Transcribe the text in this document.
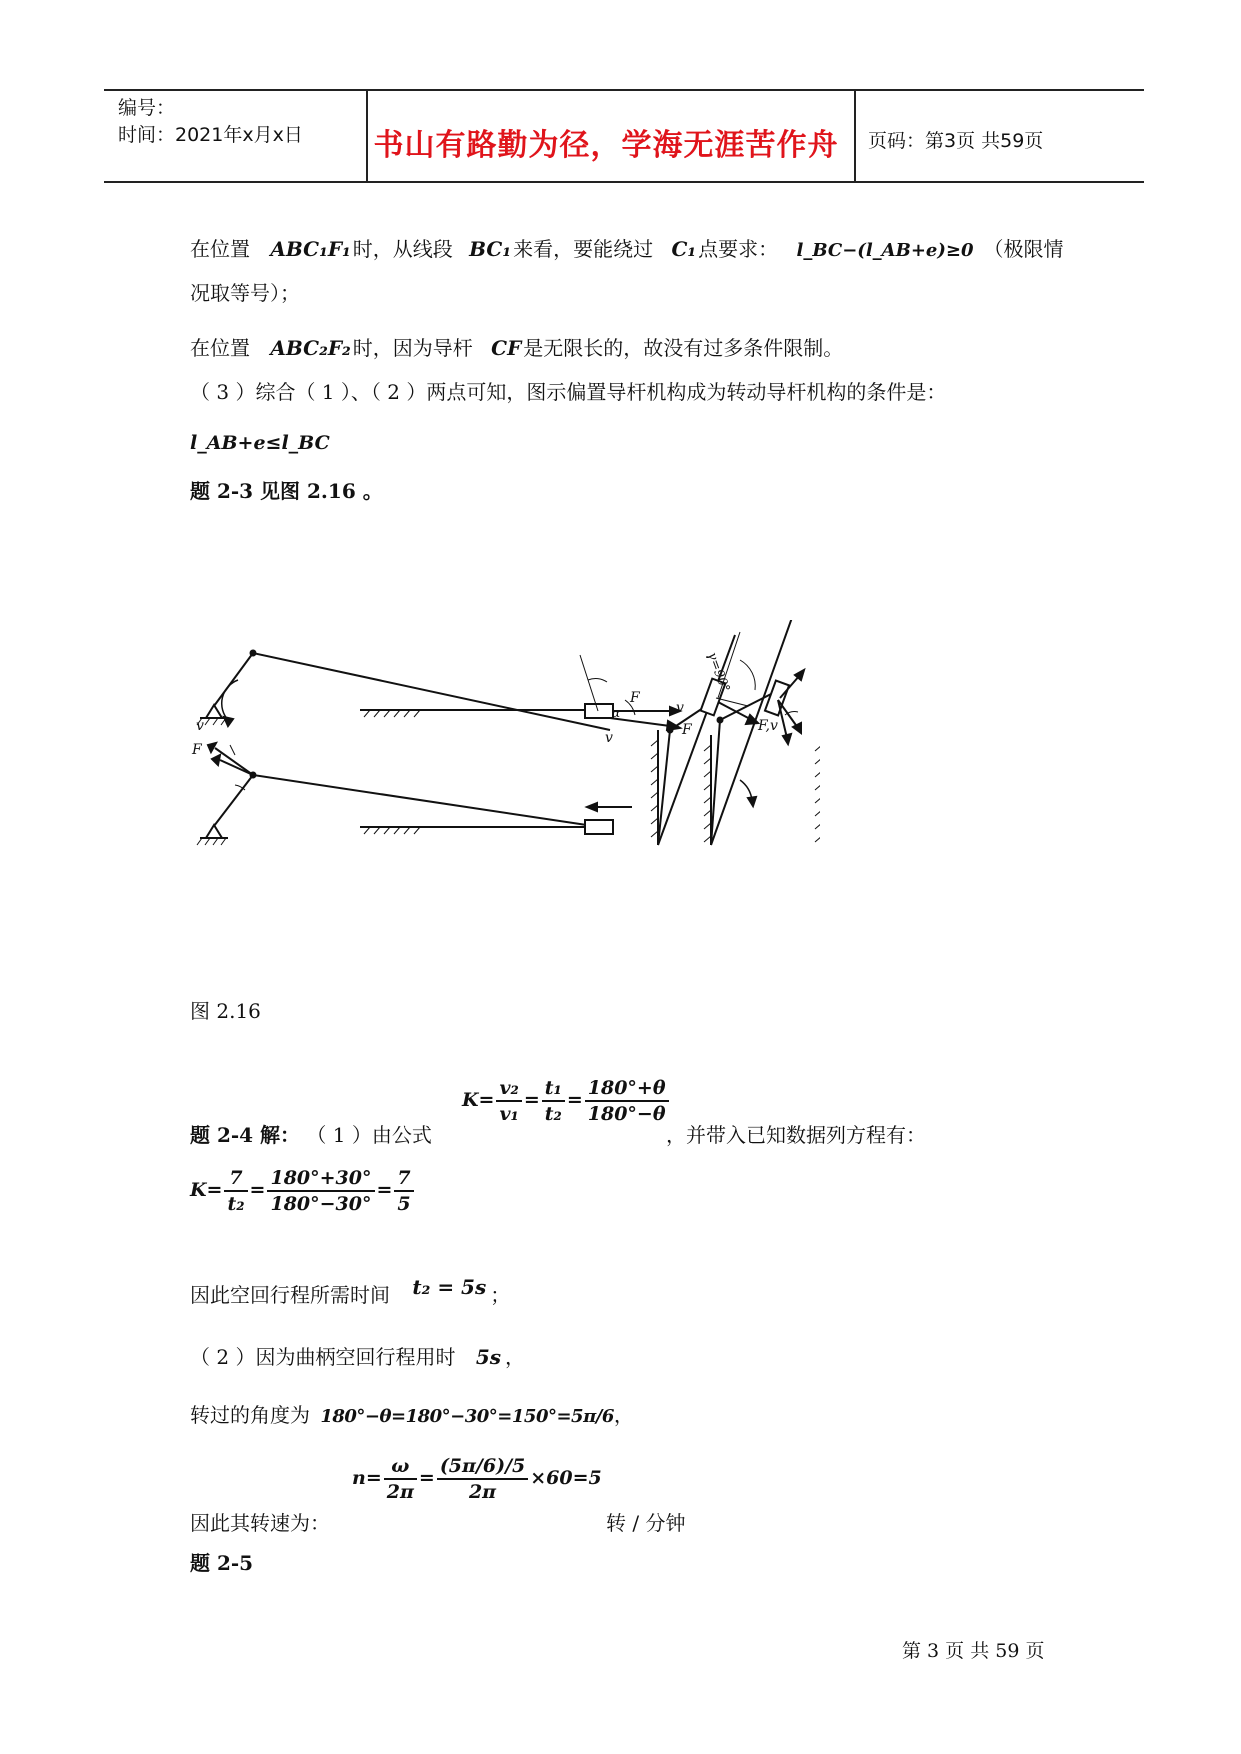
编号：
时间：2021年x月x日 书山有路勤为径，学海无涯苦作舟 页码：第3页 共59页
在位置 ABC₁F₁ 时，从线段 BC₁ 来看，要能绕过 C₁ 点要求： l_BC−(l_AB+e)≥0 （极限情
况取等号）；
在位置 ABC₂F₂ 时，因为导杆 CF 是无限长的，故没有过多条件限制。
（ 3 ）综合（ 1 ）、（ 2 ）两点可知，图示偏置导杆机构成为转动导杆机构的条件是：
l_AB+e≤l_BC
题 2-3 见图 2.16 。
v
F
v
F
F
v
α
F,v
γ=90°
图 2.16
题 2-4 解： （ 1 ）由公式
$K= \frac{\text{v₂}}{\text{v₁}} = \frac{\text{t₁}}{\text{t₂}} = \frac{180^\circ+\theta}{180^\circ-\theta}$
，并带入已知数据列方程有：
$K= \frac{7}{\text{t₂}} = \frac{180^\circ+30^\circ}{180^\circ-30^\circ} = \frac{7}{5}$
因此空回行程所需时间 t₂ = 5s ；
（ 2 ）因为曲柄空回行程用时 5s ，
转过的角度为 180°−θ=180°−30°=150°=5π/6，
因此其转速为：
$n= \frac{\omega}{2\pi} = \frac{(5\pi/6)/5}{2\pi} \times 60=5$
转 / 分钟
题 2-5
第 3 页 共 59 页
